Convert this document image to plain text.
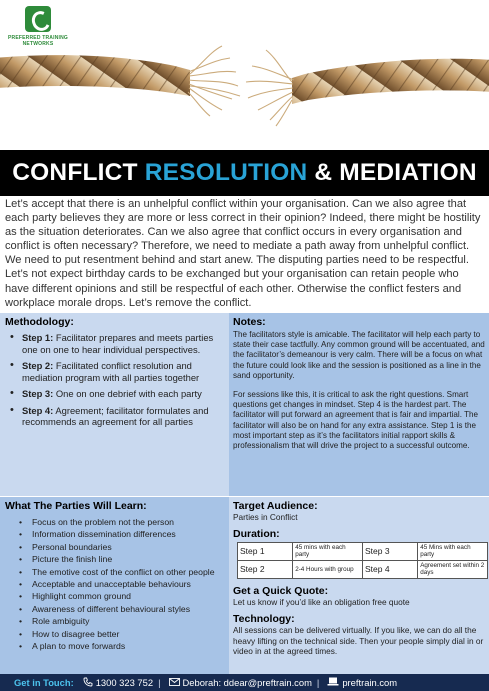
PREFERRED TRAINING
NETWORKS
CONFLICT RESOLUTION & MEDIATION

Let’s accept that there is an unhelpful conflict within your organisation. Can we also agree that each party believes they are more or less correct in their opinion? Indeed, there might be hostility as the situation deteriorates. Can we also agree that conflict occurs in every organisation and conflict is often necessary? Therefore, we need to mediate a path away from unhelpful conflict. We need to put resentment behind and start anew. The disputing parties need to be respectful. Let’s not expect birthday cards to be exchanged but your organisation can retain people who have different opinions and still be respectful of each other. Otherwise the conflict festers and workplace morale drops. Let’s remove the conflict.

Methodology:
• Step 1: Facilitator prepares and meets parties one on one to hear individual perspectives.
• Step 2: Facilitated conflict resolution and mediation program with all parties together
• Step 3: One on one debrief with each party
• Step 4: Agreement; facilitator formulates and recommends an agreement for all parties
Notes:

The facilitators style is amicable. The facilitator will help each party to state their case tactfully. Any common ground will be accentuated, and the facilitator’s demeanour is very calm. There will be a focus on what the future could look like and the session is positioned as a line in the sand opportunity.

For sessions like this, it is critical to ask the right questions. Smart questions get changes in mindset. Step 4 is the hardest part. The facilitator will put forward an agreement that is fair and impartial. The facilitator will also be on hand for any extra assistance. Step 1 is the most important step as it’s the facilitators initial rapport skills & professionalism that will drive the project to a successful outcome.

What The Parties Will Learn:
• Focus on the problem not the person
• Information dissemination differences
• Personal boundaries
• Picture the finish line
• The emotive cost of the conflict on other people
• Acceptable and unacceptable behaviours
• Highlight common ground
• Awareness of different behavioural styles
• Role ambiguity
• How to disagree better
• A plan to move forwards
Target Audience:
Parties in Conflict
Duration:
Step 1	45 mins with each party	Step 3	45 Mins with each party
Step 2	2-4 Hours with group	Step 4	Agreement set within 2 days
Get a Quick Quote:
Let us know if you’d like an obligation free quote
Technology:
All sessions can be delivered virtually. If you like, we can do all the heavy lifting on the technical side. Then your people simply dial in or video in at the agreed times.
Get in Touch: 1300 323 752 | Deborah: ddear@preftrain.com | preftrain.com
